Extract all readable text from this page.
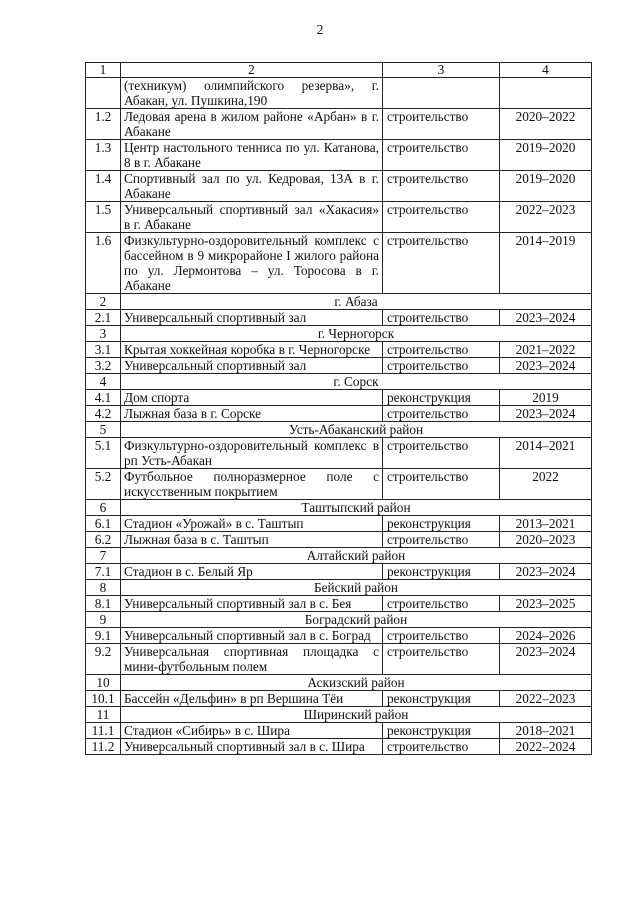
2
1	2	3	4
	(техникум) олимпийского резерва», г. Абакан, ул. Пушкина,190		
1.2	Ледовая арена в жилом районе «Арбан» в г. Абакане	строительство	2020–2022
1.3	Центр настольного тенниса по ул. Катанова, 8 в г. Абакане	строительство	2019–2020
1.4	Спортивный зал по ул. Кедровая, 13А в г. Абакане	строительство	2019–2020
1.5	Универсальный спортивный зал «Хакасия» в г. Абакане	строительство	2022–2023
1.6	Физкультурно-оздоровительный комплекс с бассейном в 9 микрорайоне I жилого района по ул. Лермонтова – ул. Торосова в г. Абакане	строительство	2014–2019
2	г. Абаза		
2.1	Универсальный спортивный зал	строительство	2023–2024
3	г. Черногорск		
3.1	Крытая хоккейная коробка в г. Черногорске	строительство	2021–2022
3.2	Универсальный спортивный зал	строительство	2023–2024
4	г. Сорск		
4.1	Дом спорта	реконструкция	2019
4.2	Лыжная база в г. Сорске	строительство	2023–2024
5	Усть-Абаканский район		
5.1	Физкультурно-оздоровительный комплекс в рп Усть-Абакан	строительство	2014–2021
5.2	Футбольное полноразмерное поле с искусственным покрытием	строительство	2022
6	Таштыпский район		
6.1	Стадион «Урожай» в с. Таштып	реконструкция	2013–2021
6.2	Лыжная база в с. Таштып	строительство	2020–2023
7	Алтайский район		
7.1	Стадион в с. Белый Яр	реконструкция	2023–2024
8	Бейский район		
8.1	Универсальный спортивный зал в с. Бея	строительство	2023–2025
9	Боградский район		
9.1	Универсальный спортивный зал в с. Боград	строительство	2024–2026
9.2	Универсальная спортивная площадка с мини-футбольным полем	строительство	2023–2024
10	Аскизский район		
10.1	Бассейн «Дельфин» в рп Вершина Тёи	реконструкция	2022–2023
11	Ширинский район		
11.1	Стадион «Сибирь» в с. Шира	реконструкция	2018–2021
11.2	Универсальный спортивный зал в с. Шира	строительство	2022–2024
